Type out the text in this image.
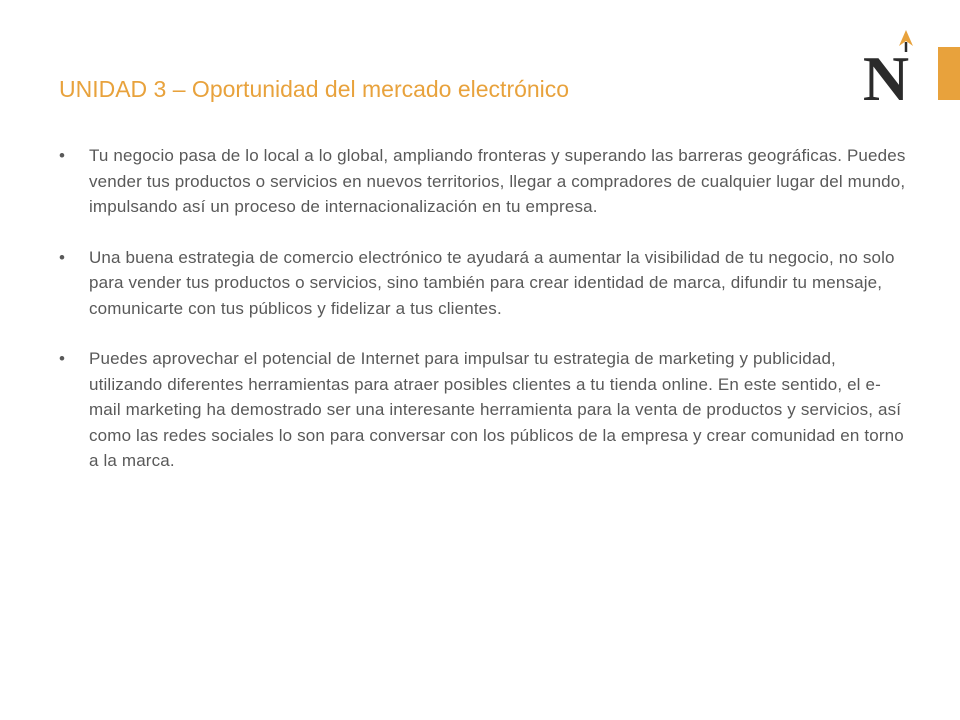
UNIDAD 3 – Oportunidad del mercado electrónico	N
• Tu negocio pasa de lo local a lo global, ampliando fronteras y superando las barreras geográficas. Puedes vender tus productos o servicios en nuevos territorios, llegar a compradores de cualquier lugar del mundo, impulsando así un proceso de internacionalización en tu empresa.
• Una buena estrategia de comercio electrónico te ayudará a aumentar la visibilidad de tu negocio, no solo para vender tus productos o servicios, sino también para crear identidad de marca, difundir tu mensaje, comunicarte con tus públicos y fidelizar a tus clientes.
• Puedes aprovechar el potencial de Internet para impulsar tu estrategia de marketing y publicidad, utilizando diferentes herramientas para atraer posibles clientes a tu tienda online. En este sentido, el e-mail marketing ha demostrado ser una interesante herramienta para la venta de productos y servicios, así como las redes sociales lo son para conversar con los públicos de la empresa y crear comunidad en torno a la marca.
